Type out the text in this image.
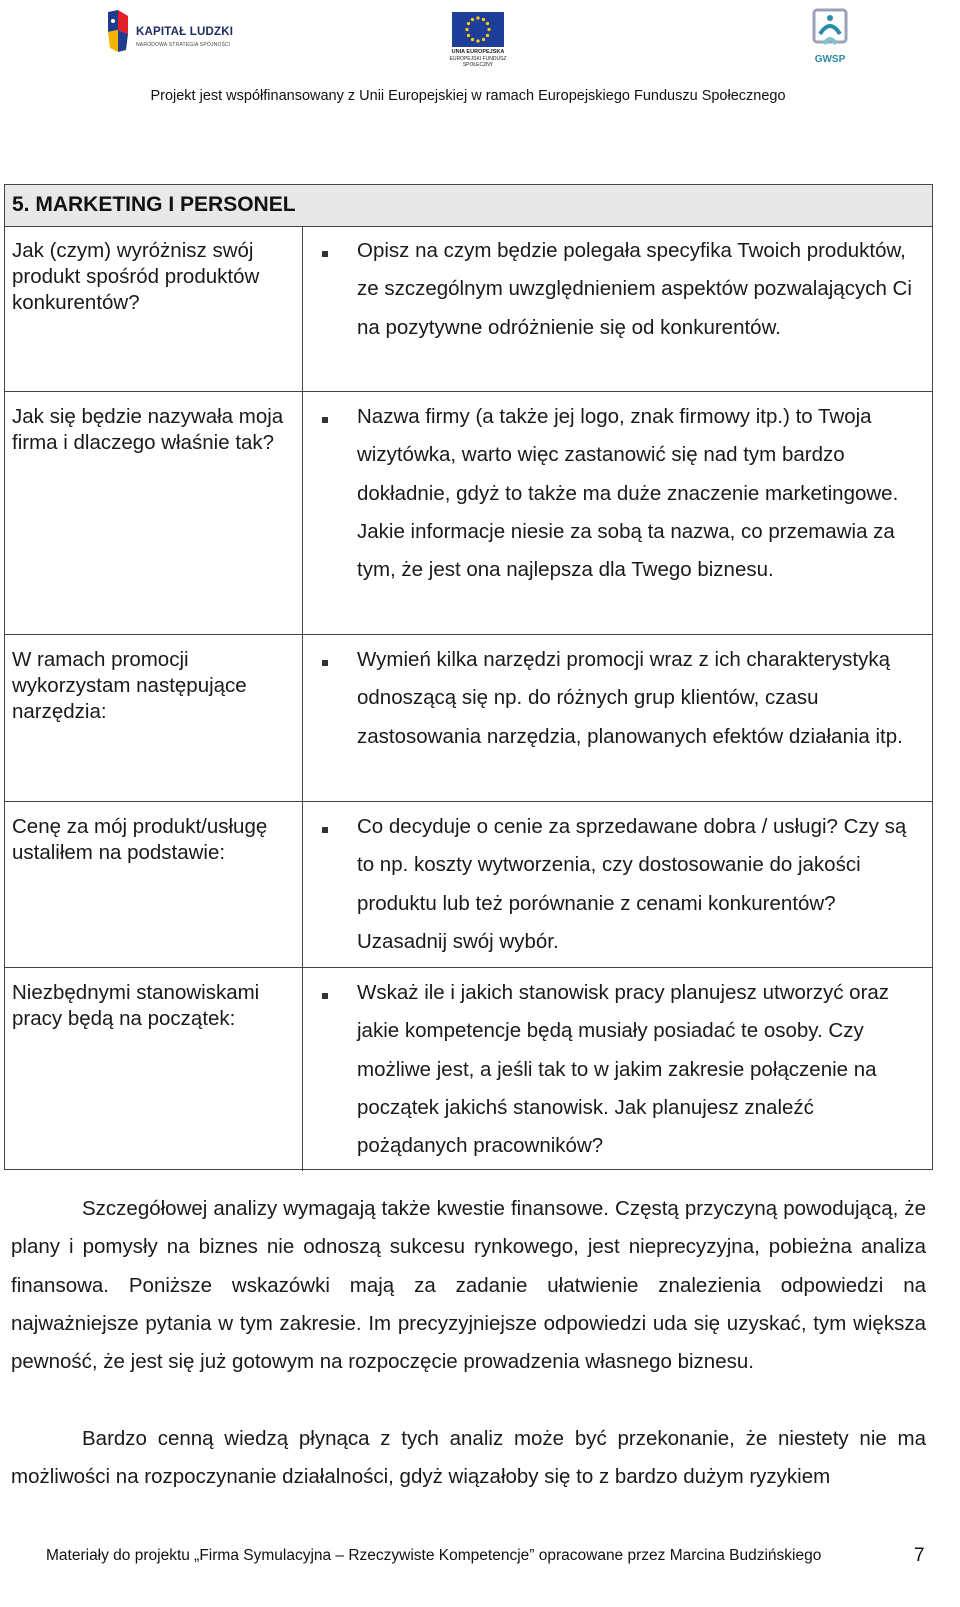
KAPITAŁ LUDZKI
NARODOWA STRATEGIA SPÓJNOŚCI
UNIA EUROPEJSKA
EUROPEJSKI FUNDUSZ
SPOŁECZNY	GWSP
Projekt jest współfinansowany z Unii Europejskiej w ramach Europejskiego Funduszu Społecznego
5. MARKETING I PERSONEL
Jak (czym) wyróżnisz swój produkt spośród produktów konkurentów?
Opisz na czym będzie polegała specyfika Twoich produktów, ze szczególnym uwzględnieniem aspektów pozwalających Ci na pozytywne odróżnienie się od konkurentów.
Jak się będzie nazywała moja firma i dlaczego właśnie tak?
Nazwa firmy (a także jej logo, znak firmowy itp.) to Twoja wizytówka, warto więc zastanowić się nad tym bardzo dokładnie, gdyż to także ma duże znaczenie marketingowe. Jakie informacje niesie za sobą ta nazwa, co przemawia za tym, że jest ona najlepsza dla Twego biznesu.
W ramach promocji wykorzystam następujące narzędzia:
Wymień kilka narzędzi promocji wraz z ich charakterystyką odnoszącą się np. do różnych grup klientów, czasu zastosowania narzędzia, planowanych efektów działania itp.
Cenę za mój produkt/usługę ustaliłem na podstawie:
Co decyduje o cenie za sprzedawane dobra / usługi? Czy są to np. koszty wytworzenia, czy dostosowanie do jakości produktu lub też porównanie z cenami konkurentów? Uzasadnij swój wybór.
Niezbędnymi stanowiskami pracy będą na początek:
Wskaż ile i jakich stanowisk pracy planujesz utworzyć oraz jakie kompetencje będą musiały posiadać te osoby. Czy możliwe jest, a jeśli tak to w jakim zakresie połączenie na początek jakichś stanowisk. Jak planujesz znaleźć pożądanych pracowników?
Szczegółowej analizy wymagają także kwestie finansowe. Częstą przyczyną powodującą, że plany i pomysły na biznes nie odnoszą sukcesu rynkowego, jest nieprecyzyjna, pobieżna analiza finansowa. Poniższe wskazówki mają za zadanie ułatwienie znalezienia odpowiedzi na najważniejsze pytania w tym zakresie. Im precyzyjniejsze odpowiedzi uda się uzyskać, tym większa pewność, że jest się już gotowym na rozpoczęcie prowadzenia własnego biznesu.
Bardzo cenną wiedzą płynąca z tych analiz może być przekonanie, że niestety nie ma możliwości na rozpoczynanie działalności, gdyż wiązałoby się to z bardzo dużym ryzykiem
Materiały do projektu „Firma Symulacyjna – Rzeczywiste Kompetencje” opracowane przez Marcina Budzińskiego	7
